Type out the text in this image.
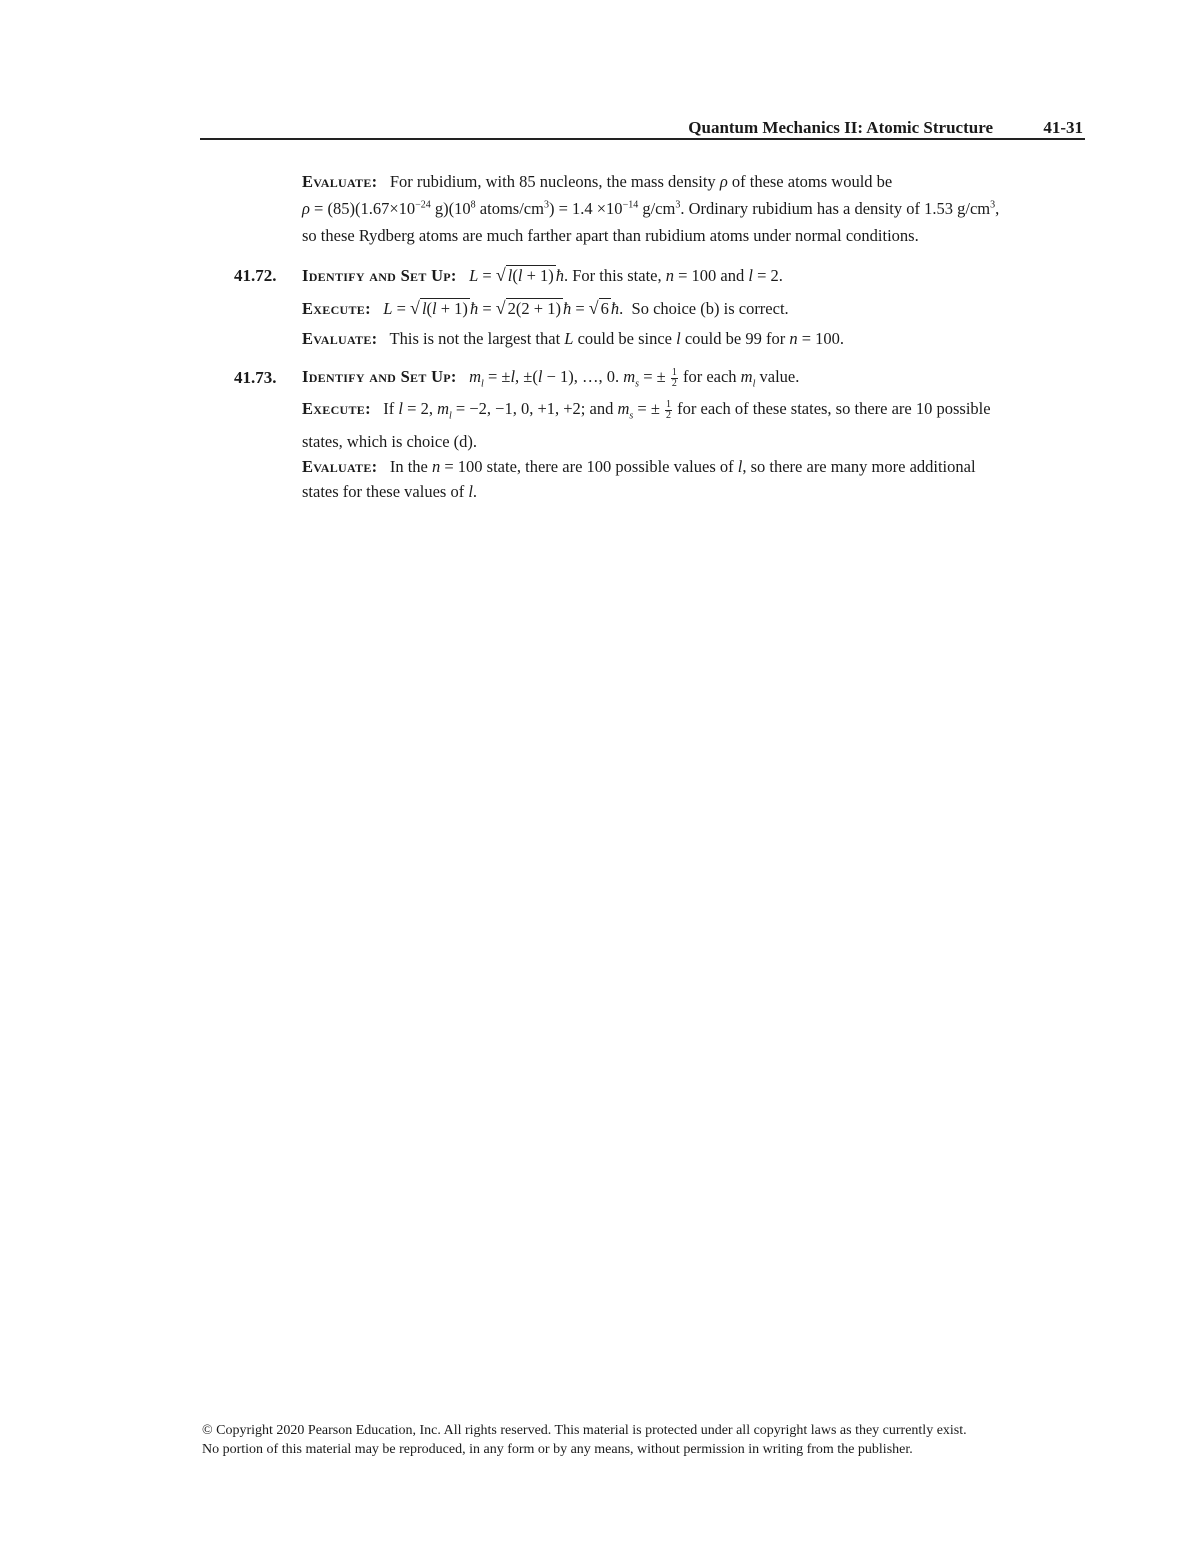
Quantum Mechanics II: Atomic Structure	41-31
Evaluate: For rubidium, with 85 nucleons, the mass density ρ of these atoms would be
$\rho = (85)(1.67\times 10^{-24}$ $g)(10^8$ atoms/$cm^3) = 1.4 \times 10^{-14}$ $g/cm^3$. Ordinary rubidium has a density of 1.53 $g/cm^3$,
so these Rydberg atoms are much farther apart than rubidium atoms under normal conditions.
41.72. Identify and Set Up: L = √ l(l + 1) ħ. For this state, n = 100 and l = 2.
Execute: L = √ l(l + 1) ħ = √ 2(2 + 1) ħ = √ 6 ħ.  So choice (b) is correct.
Evaluate:   This is not the largest that L could be since l could be 99 for n = 100.
41.73. Identify and Set Up: $m_l = \pm l$, ±(l − 1), …, 0. $m_s$ = ± $\frac{1}{2}$ for each $m_l$ value.
Execute:   If l = 2, $m_l = -2$, −1, 0, +1, +2; and $m_s$ = ± $\frac{1}{2}$ for each of these states, so there are 10 possible
states, which is choice (d).
Evaluate:   In the n = 100 state, there are 100 possible values of l, so there are many more additional
states for these values of l.
© Copyright 2020 Pearson Education, Inc. All rights reserved. This material is protected under all copyright laws as they currently exist.
No portion of this material may be reproduced, in any form or by any means, without permission in writing from the publisher.
